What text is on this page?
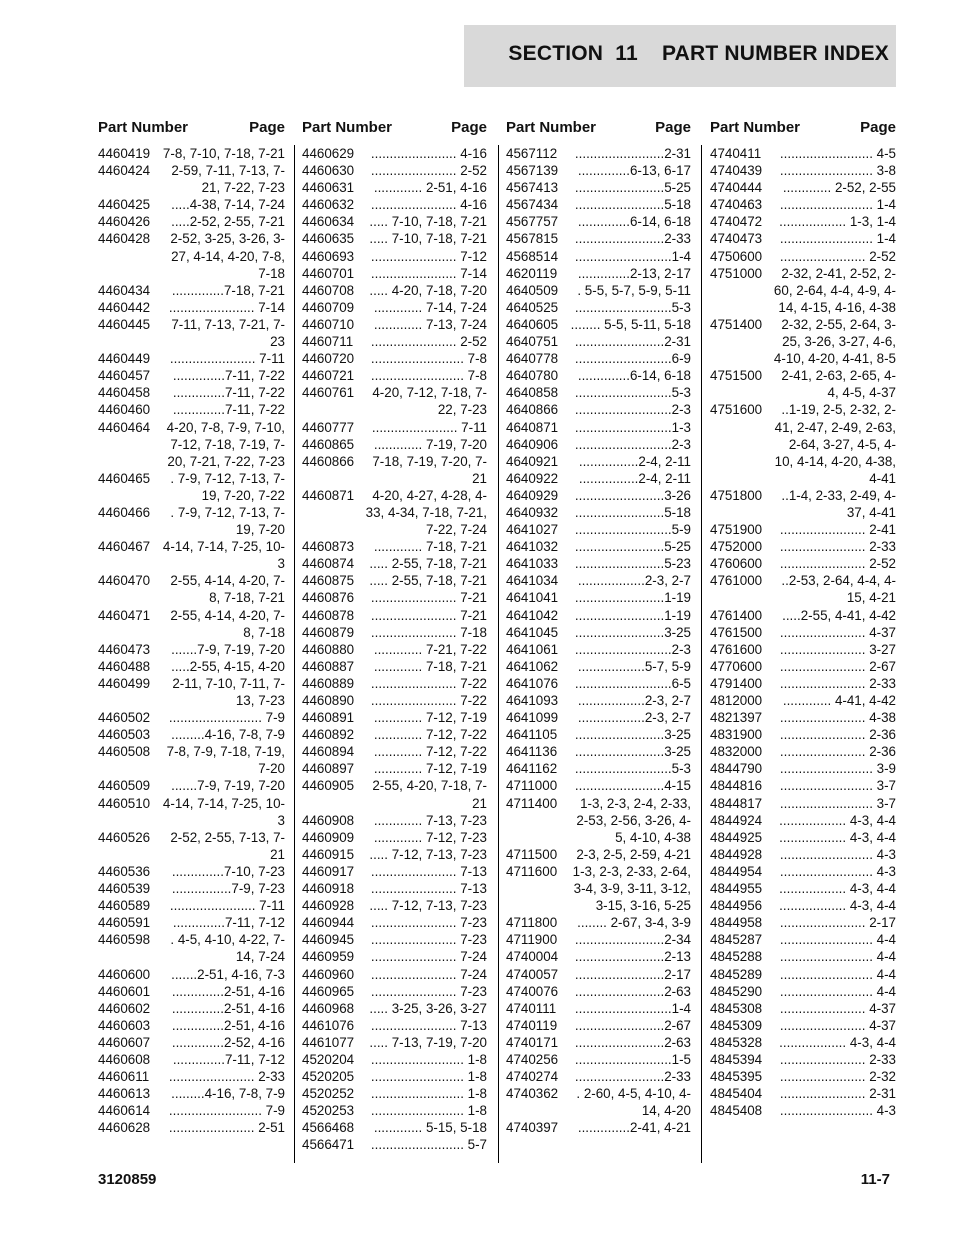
SECTION  11    PART NUMBER INDEX
Part Number	Page
4460419 7-8, 7-10, 7-18, 7-21
4460424	2-59, 7-11, 7-13, 7-21, 7-22, 7-23
4460425	.....4-38, 7-14, 7-24
4460426	.....2-52, 2-55, 7-21
4460428	2-52, 3-25, 3-26, 3-27, 4-14, 4-20, 7-8, 7-18
4460434	..............7-18, 7-21
4460442	....................... 7-14
4460445	7-11, 7-13, 7-21, 7-23
4460449	....................... 7-11
4460457	..............7-11, 7-22
4460458	..............7-11, 7-22
4460460	..............7-11, 7-22
4460464	4-20, 7-8, 7-9, 7-10, 7-12, 7-18, 7-19, 7-20, 7-21, 7-22, 7-23
4460465	. 7-9, 7-12, 7-13, 7-19, 7-20, 7-22
4460466	. 7-9, 7-12, 7-13, 7-19, 7-20
4460467 4-14, 7-14, 7-25, 10-3
4460470	2-55, 4-14, 4-20, 7-8, 7-18, 7-21
4460471	2-55, 4-14, 4-20, 7-8, 7-18
4460473	.......7-9, 7-19, 7-20
4460488	.....2-55, 4-15, 4-20
4460499	2-11, 7-10, 7-11, 7-13, 7-23
4460502	......................... 7-9
4460503	.........4-16, 7-8, 7-9
4460508	7-8, 7-9, 7-18, 7-19, 7-20
4460509	.......7-9, 7-19, 7-20
4460510 4-14, 7-14, 7-25, 10-3
4460526	2-52, 2-55, 7-13, 7-21
4460536	..............7-10, 7-23
4460539	................7-9, 7-23
4460589	....................... 7-11
4460591	..............7-11, 7-12
4460598	. 4-5, 4-10, 4-22, 7-14, 7-24
4460600	.......2-51, 4-16, 7-3
4460601	..............2-51, 4-16
4460602	..............2-51, 4-16
4460603	..............2-51, 4-16
4460607	..............2-52, 4-16
4460608	..............7-11, 7-12
4460611	....................... 2-33
4460613	.........4-16, 7-8, 7-9
4460614	......................... 7-9
4460628	....................... 2-51
Part Number	Page
4460629	....................... 4-16
4460630	....................... 2-52
4460631	............. 2-51, 4-16
4460632	....................... 4-16
4460634	..... 7-10, 7-18, 7-21
4460635	..... 7-10, 7-18, 7-21
4460693	....................... 7-12
4460701	....................... 7-14
4460708	..... 4-20, 7-18, 7-20
4460709	............. 7-14, 7-24
4460710	............. 7-13, 7-24
4460711	....................... 2-52
4460720	......................... 7-8
4460721	......................... 7-8
4460761	4-20, 7-12, 7-18, 7-22, 7-23
4460777	....................... 7-11
4460865	............. 7-19, 7-20
4460866	7-18, 7-19, 7-20, 7-21
4460871	4-20, 4-27, 4-28, 4-33, 4-34, 7-18, 7-21, 7-22, 7-24
4460873	............. 7-18, 7-21
4460874	..... 2-55, 7-18, 7-21
4460875	..... 2-55, 7-18, 7-21
4460876	....................... 7-21
4460878	....................... 7-21
4460879	....................... 7-18
4460880	............. 7-21, 7-22
4460887	............. 7-18, 7-21
4460889	....................... 7-22
4460890	....................... 7-22
4460891	............. 7-12, 7-19
4460892	............. 7-12, 7-22
4460894	............. 7-12, 7-22
4460897	............. 7-12, 7-19
4460905	2-55, 4-20, 7-18, 7-21
4460908	............. 7-13, 7-23
4460909	............. 7-12, 7-23
4460915	..... 7-12, 7-13, 7-23
4460917	....................... 7-13
4460918	....................... 7-13
4460928	..... 7-12, 7-13, 7-23
4460944	....................... 7-23
4460945	....................... 7-23
4460959	....................... 7-24
4460960	....................... 7-24
4460965	....................... 7-23
4460968	..... 3-25, 3-26, 3-27
4461076	....................... 7-13
4461077	..... 7-13, 7-19, 7-20
4520204	......................... 1-8
4520205	......................... 1-8
4520252	......................... 1-8
4520253	......................... 1-8
4566468	............. 5-15, 5-18
4566471	......................... 5-7
Part Number	Page
4567112	........................2-31
4567139	..............6-13, 6-17
4567413	........................5-25
4567434	........................5-18
4567757	..............6-14, 6-18
4567815	........................2-33
4568514	..........................1-4
4620119	..............2-13, 2-17
4640509	. 5-5, 5-7, 5-9, 5-11
4640525	..........................5-3
4640605 ........ 5-5, 5-11, 5-18
4640751	........................2-31
4640778	..........................6-9
4640780	..............6-14, 6-18
4640858	..........................5-3
4640866	..........................2-3
4640871	..........................1-3
4640906	..........................2-3
4640921	................2-4, 2-11
4640922	................2-4, 2-11
4640929	........................3-26
4640932	........................5-18
4641027	..........................5-9
4641032	........................5-25
4641033	........................5-23
4641034	..................2-3, 2-7
4641041	........................1-19
4641042	........................1-19
4641045	........................3-25
4641061	..........................2-3
4641062	..................5-7, 5-9
4641076	..........................6-5
4641093	..................2-3, 2-7
4641099	..................2-3, 2-7
4641105	........................3-25
4641136	........................3-25
4641162	..........................5-3
4711000	........................4-15
4711400	1-3, 2-3, 2-4, 2-33, 2-53, 2-56, 3-26, 4-5, 4-10, 4-38
4711500	2-3, 2-5, 2-59, 4-21
4711600	1-3, 2-3, 2-33, 2-64, 3-4, 3-9, 3-11, 3-12, 3-15, 3-16, 5-25
4711800	........ 2-67, 3-4, 3-9
4711900	........................2-34
4740004	........................2-13
4740057	........................2-17
4740076	........................2-63
4740111	..........................1-4
4740119	........................2-67
4740171	........................2-63
4740256	..........................1-5
4740274	........................2-33
4740362	. 2-60, 4-5, 4-10, 4-14, 4-20
4740397	..............2-41, 4-21
Part Number	Page
4740411	......................... 4-5
4740439	......................... 3-8
4740444	............. 2-52, 2-55
4740463	......................... 1-4
4740472	.................. 1-3, 1-4
4740473	......................... 1-4
4750600	....................... 2-52
4751000	2-32, 2-41, 2-52, 2-60, 2-64, 4-4, 4-9, 4-14, 4-15, 4-16, 4-38
4751400	2-32, 2-55, 2-64, 3-25, 3-26, 3-27, 4-6, 4-10, 4-20, 4-41, 8-5
4751500	2-41, 2-63, 2-65, 4-4, 4-5, 4-37
4751600	..1-19, 2-5, 2-32, 2-41, 2-47, 2-49, 2-63, 2-64, 3-27, 4-5, 4-10, 4-14, 4-20, 4-38, 4-41
4751800	..1-4, 2-33, 2-49, 4-37, 4-41
4751900	....................... 2-41
4752000	....................... 2-33
4760600	....................... 2-52
4761000	..2-53, 2-64, 4-4, 4-15, 4-21
4761400	.....2-55, 4-41, 4-42
4761500	....................... 4-37
4761600	....................... 3-27
4770600	....................... 2-67
4791400	....................... 2-33
4812000	............. 4-41, 4-42
4821397	....................... 4-38
4831900	....................... 2-36
4832000	....................... 2-36
4844790	......................... 3-9
4844816	......................... 3-7
4844817	......................... 3-7
4844924	.................. 4-3, 4-4
4844925	.................. 4-3, 4-4
4844928	......................... 4-3
4844954	......................... 4-3
4844955	.................. 4-3, 4-4
4844956	.................. 4-3, 4-4
4844958	....................... 2-17
4845287	......................... 4-4
4845288	......................... 4-4
4845289	......................... 4-4
4845290	......................... 4-4
4845308	....................... 4-37
4845309	....................... 4-37
4845328	.................. 4-3, 4-4
4845394	....................... 2-33
4845395	....................... 2-32
4845404	....................... 2-31
4845408	......................... 4-3
3120859	11-7
